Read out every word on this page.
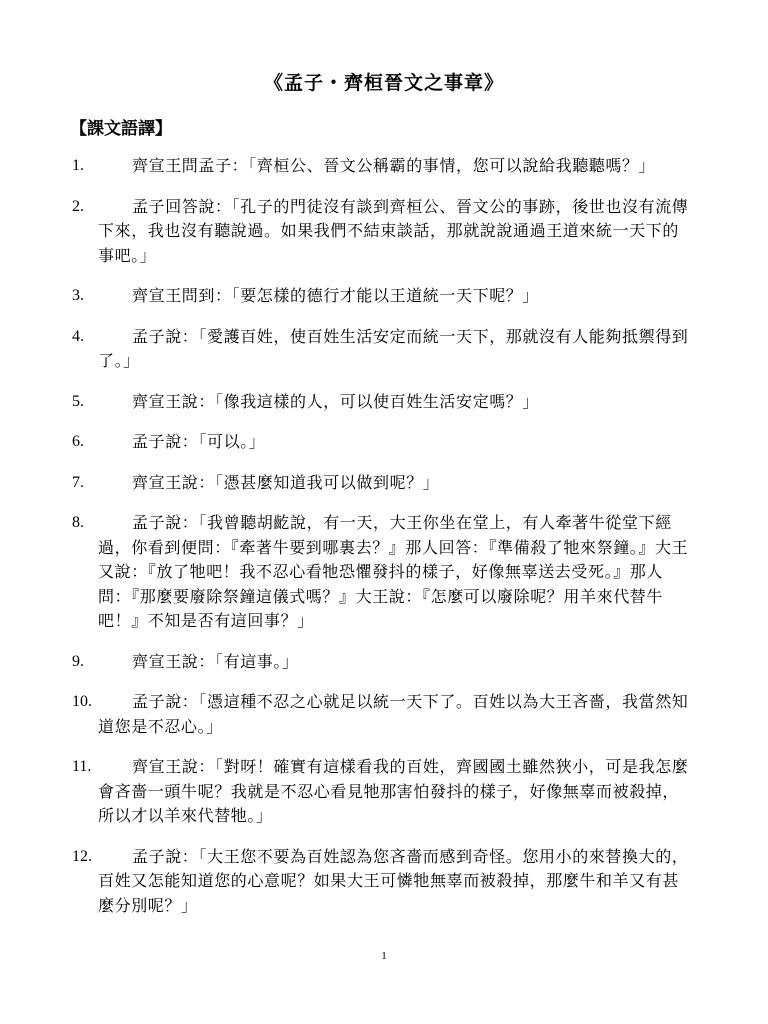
《孟子・齊桓晉文之事章》
【課文語譯】
1.	齊宣王問孟子：「齊桓公、晉文公稱霸的事情，您可以說給我聽聽嗎？」
2.	孟子回答說：「孔子的門徒沒有談到齊桓公、晉文公的事跡，後世也沒有流傳下來，我也沒有聽說過。如果我們不結束談話，那就說說通過王道來統一天下的事吧。」
3.	齊宣王問到：「要怎樣的德行才能以王道統一天下呢？」
4.	孟子說：「愛護百姓，使百姓生活安定而統一天下，那就沒有人能夠抵禦得到了。」
5.	齊宣王說：「像我這樣的人，可以使百姓生活安定嗎？」
6.	孟子說：「可以。」
7.	齊宣王說：「憑甚麼知道我可以做到呢？」
8.	孟子說：「我曾聽胡齕說，有一天，大王你坐在堂上，有人牽著牛從堂下經過，你看到便問：『牽著牛要到哪裏去？』那人回答：『準備殺了牠來祭鐘。』大王又說：『放了牠吧！我不忍心看牠恐懼發抖的樣子，好像無辜送去受死。』那人問：『那麼要廢除祭鐘這儀式嗎？』大王說：『怎麼可以廢除呢？用羊來代替牛吧！』不知是否有這回事？」
9.	齊宣王說：「有這事。」
10.	孟子說：「憑這種不忍之心就足以統一天下了。百姓以為大王吝嗇，我當然知道您是不忍心。」
11.	齊宣王說：「對呀！確實有這樣看我的百姓，齊國國土雖然狹小，可是我怎麼會吝嗇一頭牛呢？我就是不忍心看見牠那害怕發抖的樣子，好像無辜而被殺掉，所以才以羊來代替牠。」
12.	孟子說：「大王您不要為百姓認為您吝嗇而感到奇怪。您用小的來替換大的，百姓又怎能知道您的心意呢？如果大王可憐牠無辜而被殺掉，那麼牛和羊又有甚麼分別呢？」
1
